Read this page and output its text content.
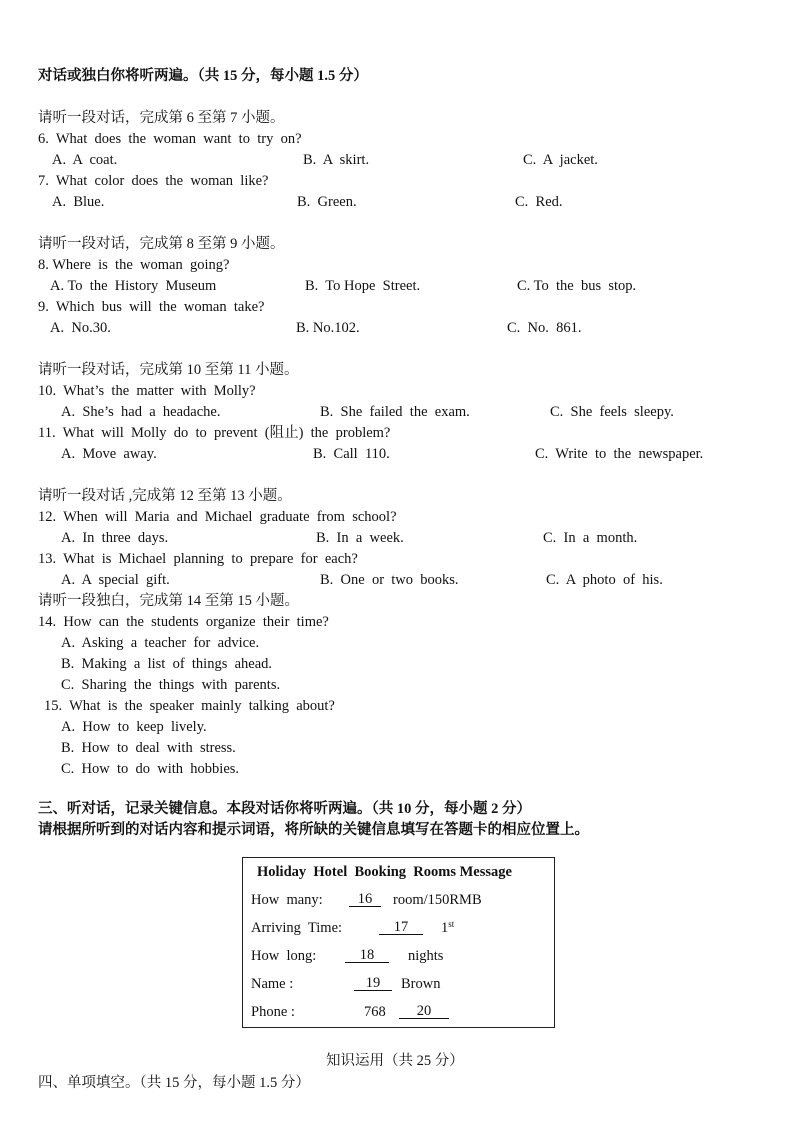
对话或独白你将听两遍。（共 15 分，每小题 1.5 分）
请听一段对话，完成第 6 至第 7 小题。
6.  What  does  the  woman  want  to  try  on?
A.  A  coat.	B.  A  skirt.	C.  A  jacket.
7.  What  color  does  the  woman  like?
A.  Blue.	B.  Green.	C.  Red.
请听一段对话，完成第 8 至第 9 小题。
8. Where  is  the  woman  going?
A. To  the  History  Museum	B.  To Hope  Street.	C. To  the  bus  stop.
9.  Which  bus  will  the  woman  take?
A.  No.30.	B. No.102.	C.  No.  861.
请听一段对话，完成第 10 至第 11 小题。
10.  What’s  the  matter  with  Molly?
A.  She’s  had  a  headache.	B.  She  failed  the  exam.	C.  She  feels  sleepy.
11.  What  will  Molly  do  to  prevent  (阻止)  the  problem?
A.  Move  away.	B.  Call  110.	C.  Write  to  the  newspaper.
请听一段对话 ,完成第 12 至第 13 小题。
12.  When  will  Maria  and  Michael  graduate  from  school?
A.  In  three  days.	B.  In  a  week.	C.  In  a  month.
13.  What  is  Michael  planning  to  prepare  for  each?
A.  A  special  gift.	B.  One  or  two  books.	C.  A  photo  of  his.
请听一段独白，完成第 14 至第 15 小题。
14.  How  can  the  students  organize  their  time?
A.  Asking  a  teacher  for  advice.
B.  Making  a  list  of  things  ahead.
C.  Sharing  the  things  with  parents.
15.  What  is  the  speaker  mainly  talking  about?
A.  How  to  keep  lively.
B.  How  to  deal  with  stress.
C.  How  to  do  with  hobbies.
三、听对话，记录关键信息。本段对话你将听两遍。（共 10 分，每小题 2 分）
请根据所听到的对话内容和提示词语，将所缺的关键信息填写在答题卡的相应位置上。
Holiday  Hotel  Booking  Rooms Message
How  many:	16	room/150RMB
Arriving  Time:	17	1st
How  long:	18	nights
Name :	19	Brown
Phone :	768	20
知识运用（共 25 分）
四、单项填空。（共 15 分，每小题 1.5 分）
